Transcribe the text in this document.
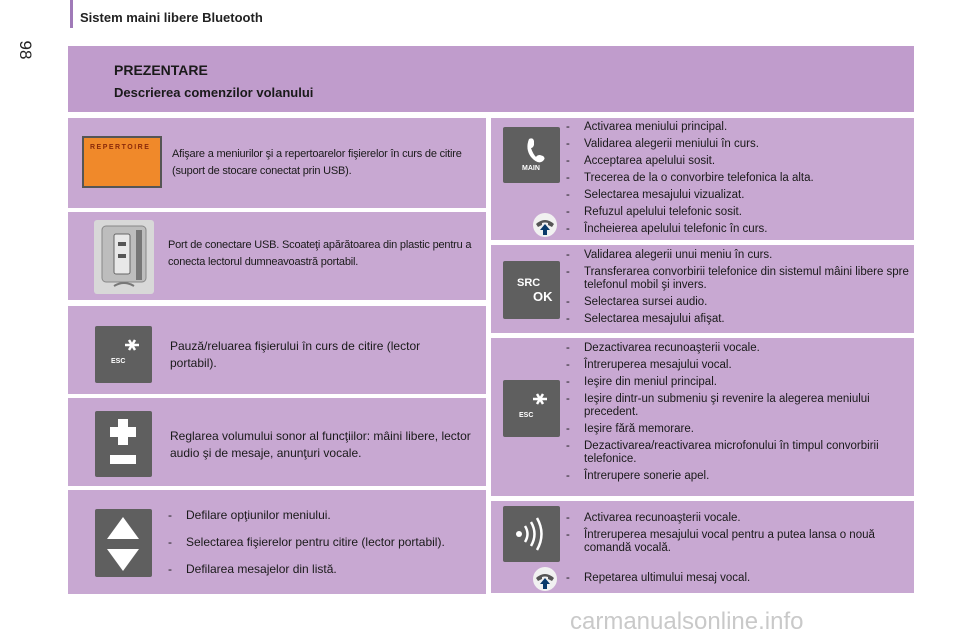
Sistem maini libere Bluetooth
98
PREZENTARE
Descrierea comenzilor volanului
REPERTOIRE
Afişare a meniurilor şi a repertoarelor fişierelor în curs de citire (suport de stocare conectat prin USB).
Port de conectare USB. Scoateţi apărătoarea din plastic pentru a conecta lectorul dumneavoastră portabil.
ESC
Pauză/reluarea fişierului în curs de citire (lector portabil).
Reglarea volumului sonor al funcţiilor: mâini libere, lector audio şi de mesaje, anunţuri vocale.
- Defilare opţiunilor meniului.
- Selectarea fişierelor pentru citire (lector portabil).
- Defilarea mesajelor din listă.
MAIN
- Activarea meniului principal.
- Validarea alegerii meniului în curs.
- Acceptarea apelului sosit.
- Trecerea de la o convorbire telefonica la alta.
- Selectarea mesajului vizualizat.
- Refuzul apelului telefonic sosit.
- Încheierea apelului telefonic în curs.
SRC
OK
- Validarea alegerii unui meniu în curs.
- Transferarea convorbirii telefonice din sistemul mâini libere spre telefonul mobil şi invers.
- Selectarea sursei audio.
- Selectarea mesajului afişat.
ESC
- Dezactivarea recunoaşterii vocale.
- Întreruperea mesajului vocal.
- Ieşire din meniul principal.
- Ieşire dintr-un submeniu şi revenire la alegerea meniului precedent.
- Ieşire fără memorare.
- Dezactivarea/reactivarea microfonului în timpul convorbirii telefonice.
- Întrerupere sonerie apel.
- Activarea recunoaşterii vocale.
- Întreruperea mesajului vocal pentru a putea lansa o nouă comandă vocală.
- Repetarea ultimului mesaj vocal.
carmanualsonline.info
